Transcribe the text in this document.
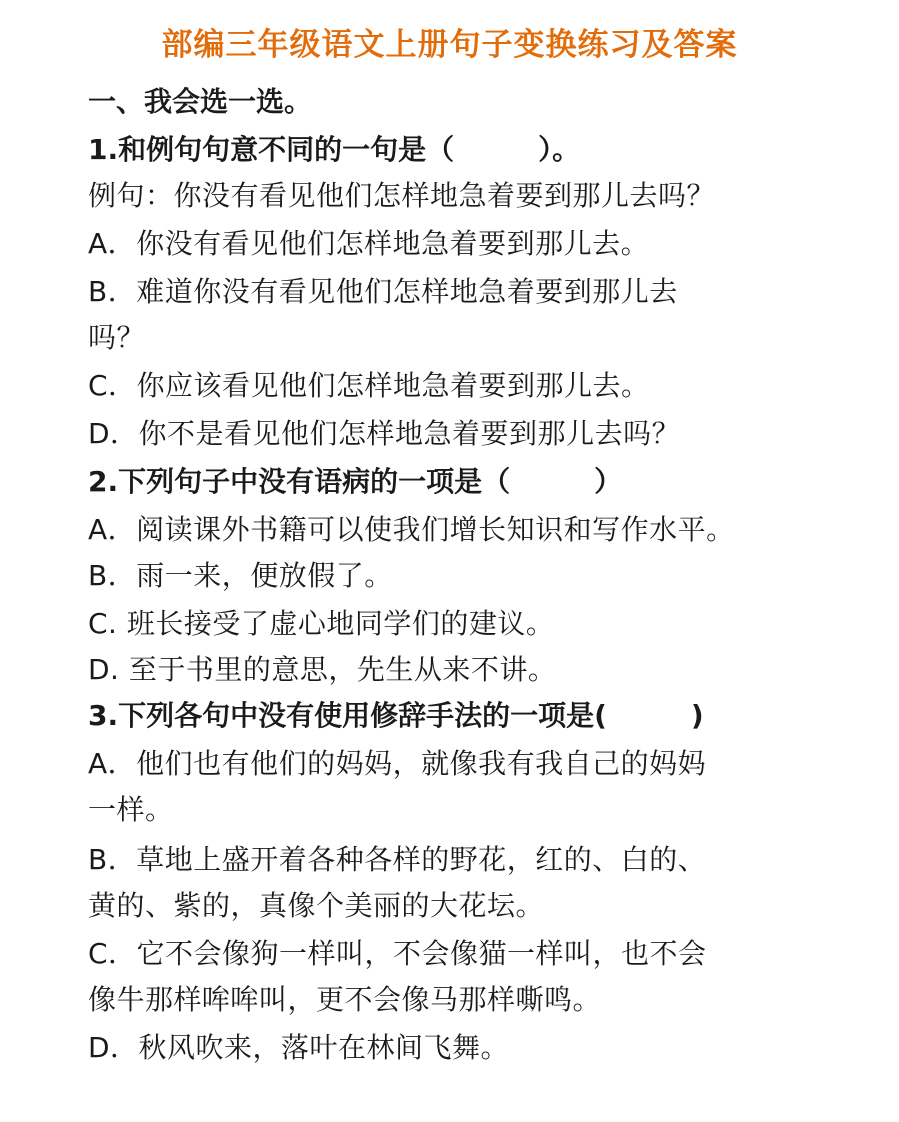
部编三年级语文上册句子变换练习及答案
一、我会选一选。
1.和例句句意不同的一句是（　　　）。
例句：你没有看见他们怎样地急着要到那儿去吗？
A．你没有看见他们怎样地急着要到那儿去。
B．难道你没有看见他们怎样地急着要到那儿去
吗？
C．你应该看见他们怎样地急着要到那儿去。
D．你不是看见他们怎样地急着要到那儿去吗？
2.下列句子中没有语病的一项是（　　　）
A．阅读课外书籍可以使我们增长知识和写作水平。
B．雨一来，便放假了。
C. 班长接受了虚心地同学们的建议。
D. 至于书里的意思，先生从来不讲。
3.下列各句中没有使用修辞手法的一项是(　　　)
A．他们也有他们的妈妈，就像我有我自己的妈妈
一样。
B．草地上盛开着各种各样的野花，红的、白的、
黄的、紫的，真像个美丽的大花坛。
C．它不会像狗一样叫，不会像猫一样叫，也不会
像牛那样哞哞叫，更不会像马那样嘶鸣。
D．秋风吹来，落叶在林间飞舞。
